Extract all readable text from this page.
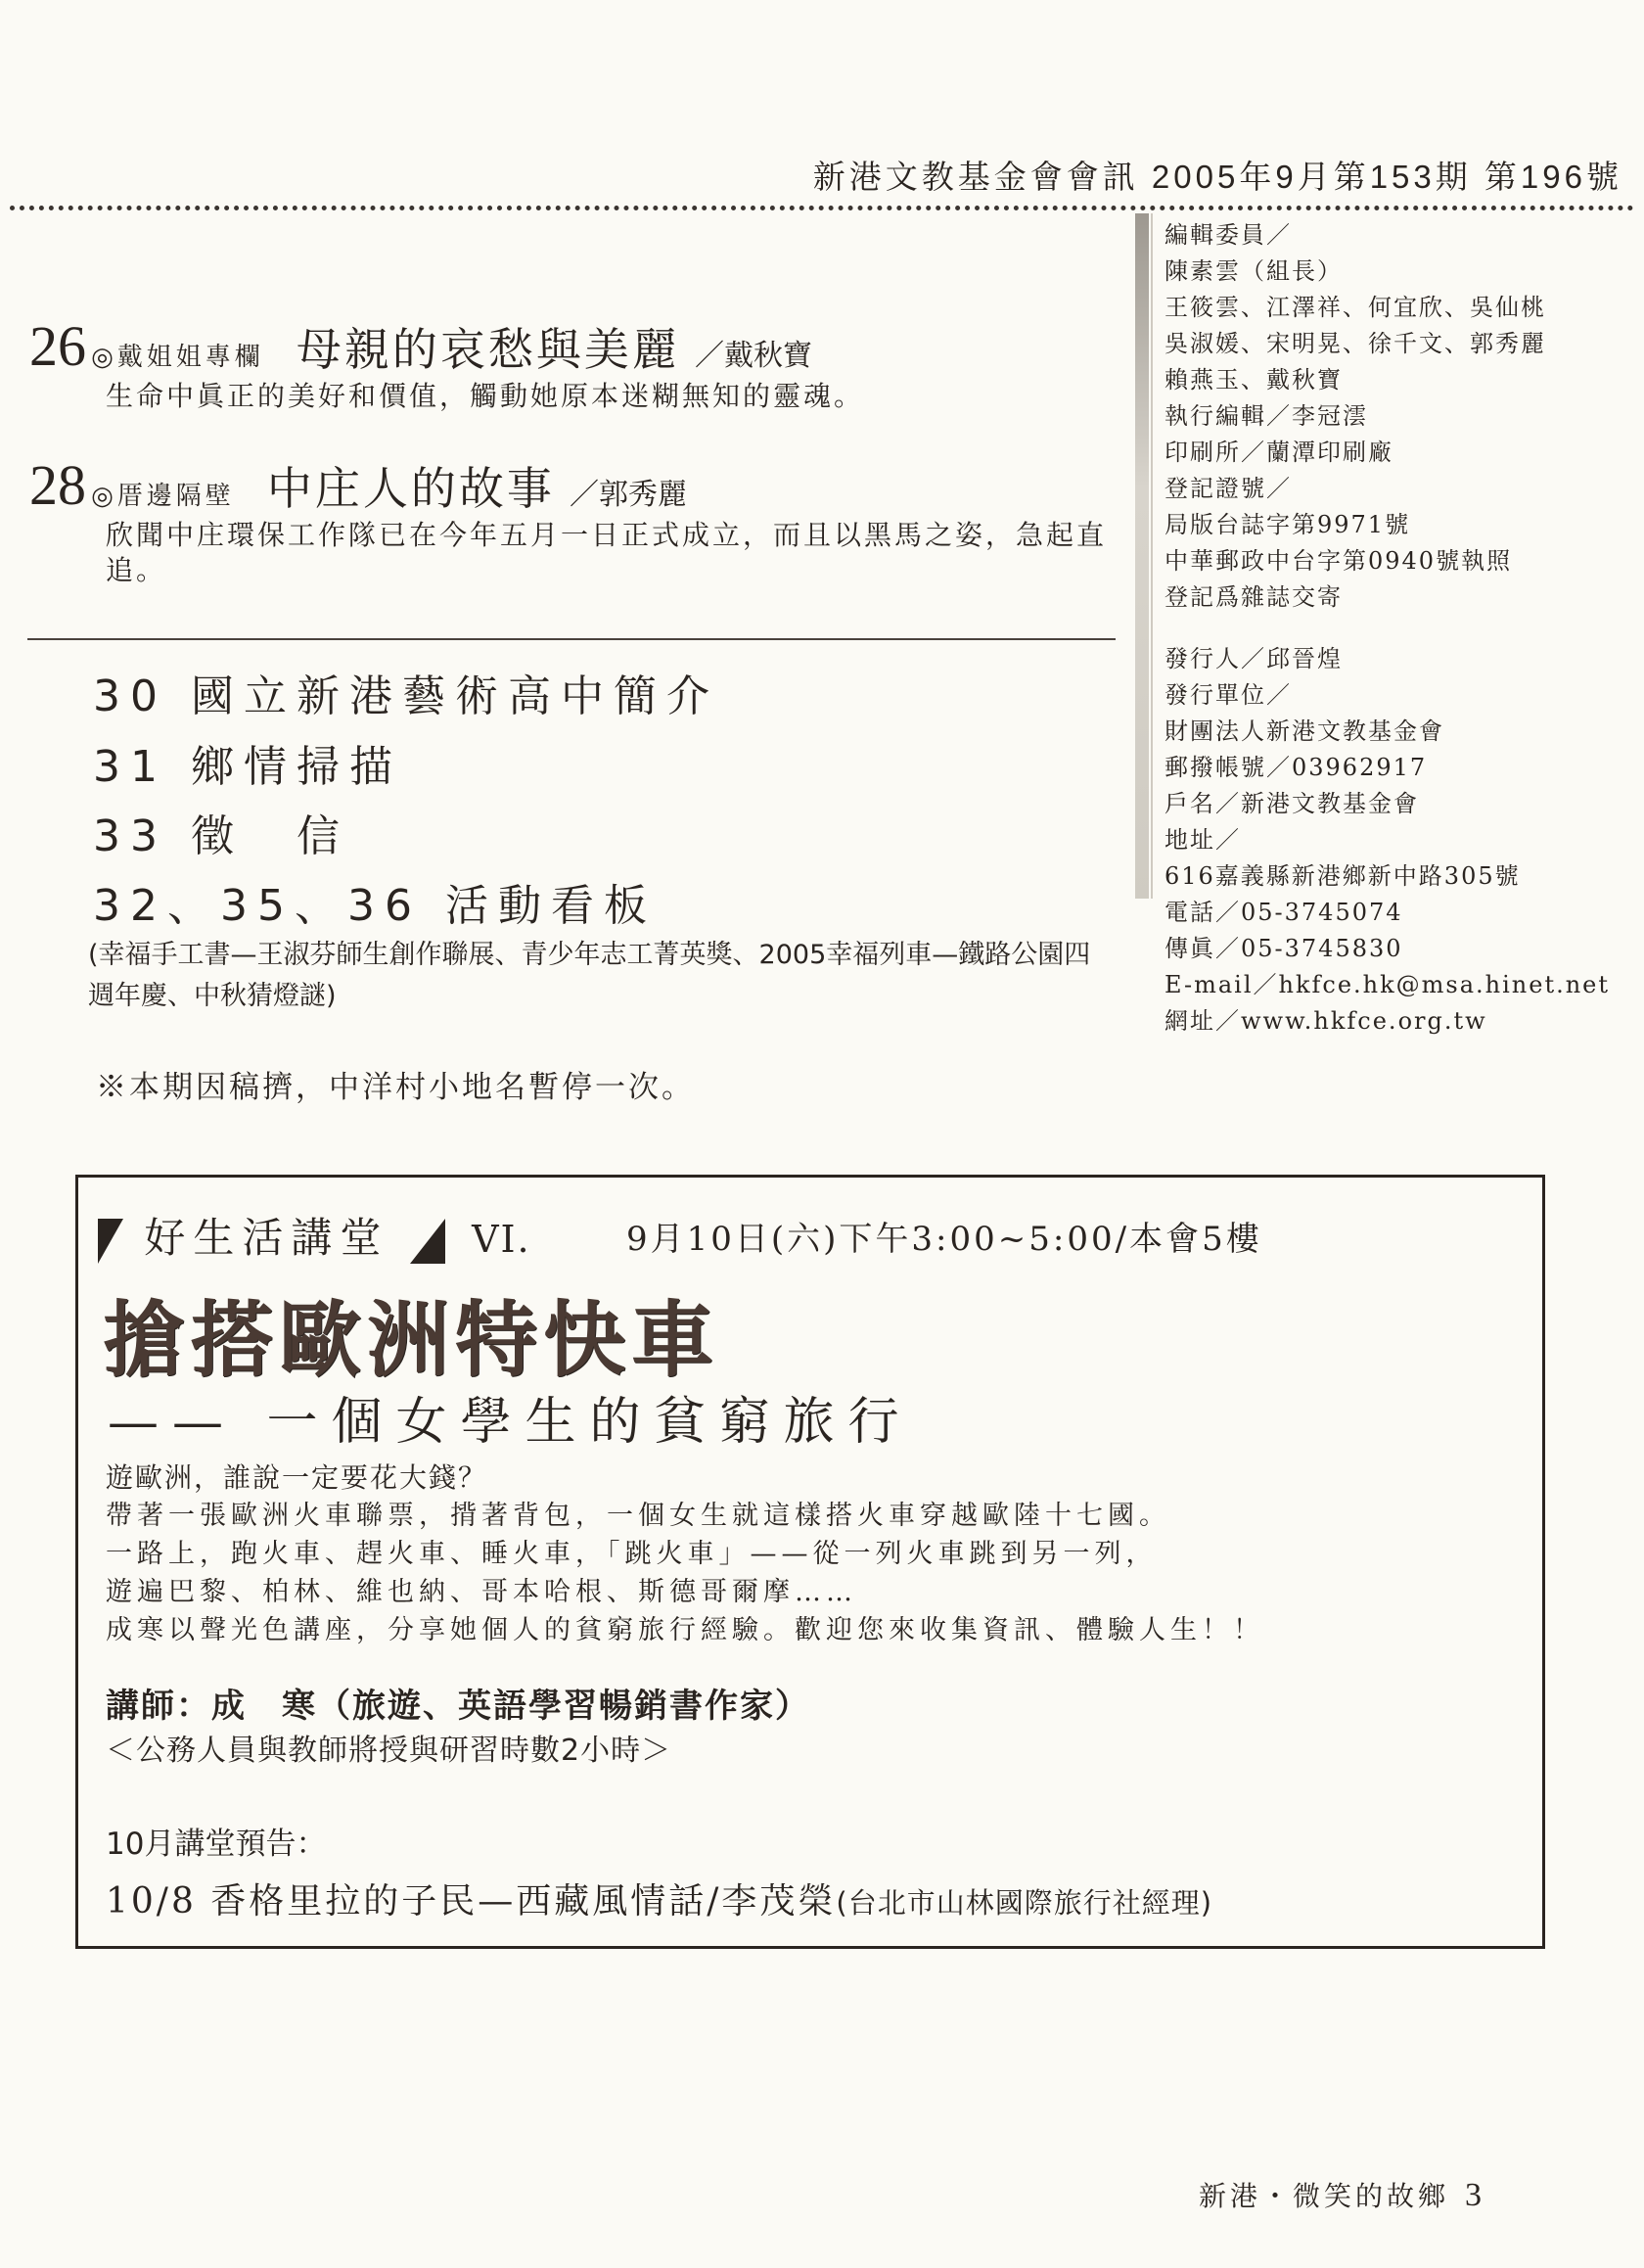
新港文教基金會會訊 2005年9月第153期 第196號
編輯委員／
陳素雲（組長）
王筱雲、江澤祥、何宜欣、吳仙桃
吳淑媛、宋明晃、徐千文、郭秀麗
賴燕玉、戴秋寶
執行編輯／李冠澐
印刷所／蘭潭印刷廠
登記證號／
局版台誌字第9971號
中華郵政中台字第0940號執照
登記爲雜誌交寄
發行人／邱晉煌
發行單位／
財團法人新港文教基金會
郵撥帳號／03962917
戶名／新港文教基金會
地址／
616嘉義縣新港鄉新中路305號
電話／05-3745074
傳眞／05-3745830
E-mail／hkfce.hk@msa.hinet.net
網址／www.hkfce.org.tw
26 ◎戴姐姐專欄 母親的哀愁與美麗 ／戴秋寶
生命中眞正的美好和價值，觸動她原本迷糊無知的靈魂。
28 ◎厝邊隔壁 中庄人的故事 ／郭秀麗
欣聞中庄環保工作隊已在今年五月一日正式成立，而且以黑馬之姿，急起直追。
30 國立新港藝術高中簡介
31 鄉情掃描
33 徵　信
32、35、36 活動看板
(幸福手工書—王淑芬師生創作聯展、青少年志工菁英獎、2005幸福列車—鐵路公園四週年慶、中秋猜燈謎)
※本期因稿擠，中洋村小地名暫停一次。
好生活講堂 VI.	9月10日(六)下午3:00~5:00/本會5樓
搶搭歐洲特快車
—— 一個女學生的貧窮旅行
遊歐洲，誰說一定要花大錢？
帶著一張歐洲火車聯票，揹著背包，一個女生就這樣搭火車穿越歐陸十七國。
一路上，跑火車、趕火車、睡火車，「跳火車」——從一列火車跳到另一列，
遊遍巴黎、柏林、維也納、哥本哈根、斯德哥爾摩……
成寒以聲光色講座，分享她個人的貧窮旅行經驗。歡迎您來收集資訊、體驗人生！！
講師：成　寒（旅遊、英語學習暢銷書作家）
＜公務人員與教師將授與研習時數2小時＞
10月講堂預告：
10/8 香格里拉的子民—西藏風情話/李茂榮(台北市山林國際旅行社經理)
新港・微笑的故鄉 3
